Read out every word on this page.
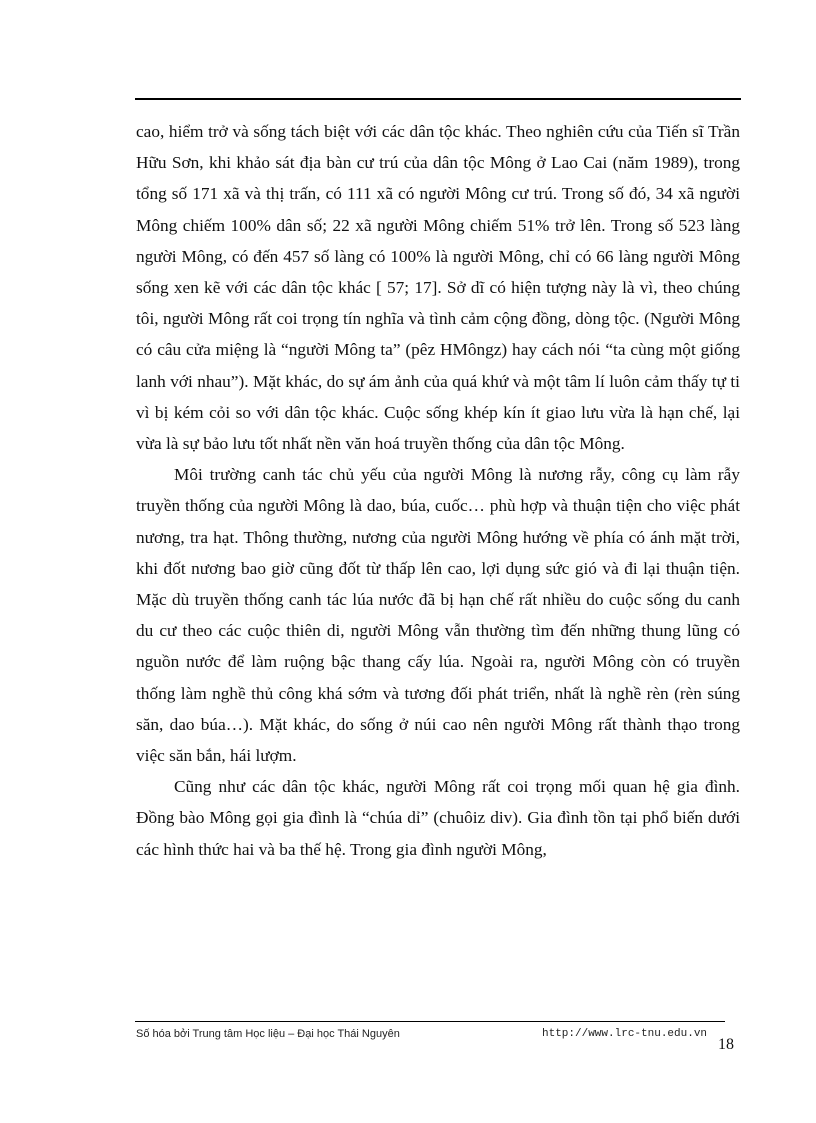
cao, hiểm trở và sống tách biệt với các dân tộc khác. Theo nghiên cứu của Tiến sĩ Trần Hữu Sơn, khi khảo sát địa bàn cư trú của dân tộc Mông ở Lao Cai (năm 1989), trong tổng số 171 xã và thị trấn, có 111 xã có người Mông cư trú. Trong số đó, 34 xã người Mông chiếm 100% dân số; 22 xã người Mông chiếm 51% trở lên. Trong số 523 làng người Mông, có đến 457 số làng có 100% là người Mông, chỉ có 66 làng người Mông sống xen kẽ với các dân tộc khác [ 57; 17]. Sở dĩ có hiện tượng này là vì, theo chúng tôi, người Mông rất coi trọng tín nghĩa và tình cảm cộng đồng, dòng tộc. (Người Mông có câu cửa miệng là “người Mông ta” (pêz HMôngz) hay cách nói “ta cùng một giống lanh với nhau”). Mặt khác, do sự ám ảnh của quá khứ và một tâm lí luôn cảm thấy tự ti vì bị kém cỏi so với dân tộc khác. Cuộc sống khép kín ít giao lưu vừa là hạn chế, lại vừa là sự bảo lưu tốt nhất nền văn hoá truyền thống của dân tộc Mông.

Môi trường canh tác chủ yếu của người Mông là nương rẫy, công cụ làm rẫy truyền thống của người Mông là dao, búa, cuốc… phù hợp và thuận tiện cho việc phát nương, tra hạt. Thông thường, nương của người Mông hướng về phía có ánh mặt trời, khi đốt nương bao giờ cũng đốt từ thấp lên cao, lợi dụng sức gió và đi lại thuận tiện. Mặc dù truyền thống canh tác lúa nước đã bị hạn chế rất nhiều do cuộc sống du canh du cư theo các cuộc thiên di, người Mông vẫn thường tìm đến những thung lũng có nguồn nước để làm ruộng bậc thang cấy lúa. Ngoài ra, người Mông còn có truyền thống làm nghề thủ công khá sớm và tương đối phát triển, nhất là nghề rèn (rèn súng săn, dao búa…). Mặt khác, do sống ở núi cao nên người Mông rất thành thạo trong việc săn bắn, hái lượm.

Cũng như các dân tộc khác, người Mông rất coi trọng mối quan hệ gia đình. Đồng bào Mông gọi gia đình là “chúa dỉ” (chuôiz div). Gia đình tồn tại phổ biến dưới các hình thức hai và ba thế hệ. Trong gia đình người Mông,

Số hóa bởi Trung tâm Học liệu – Đại học Thái Nguyên	http://www.lrc-tnu.edu.vn
18
